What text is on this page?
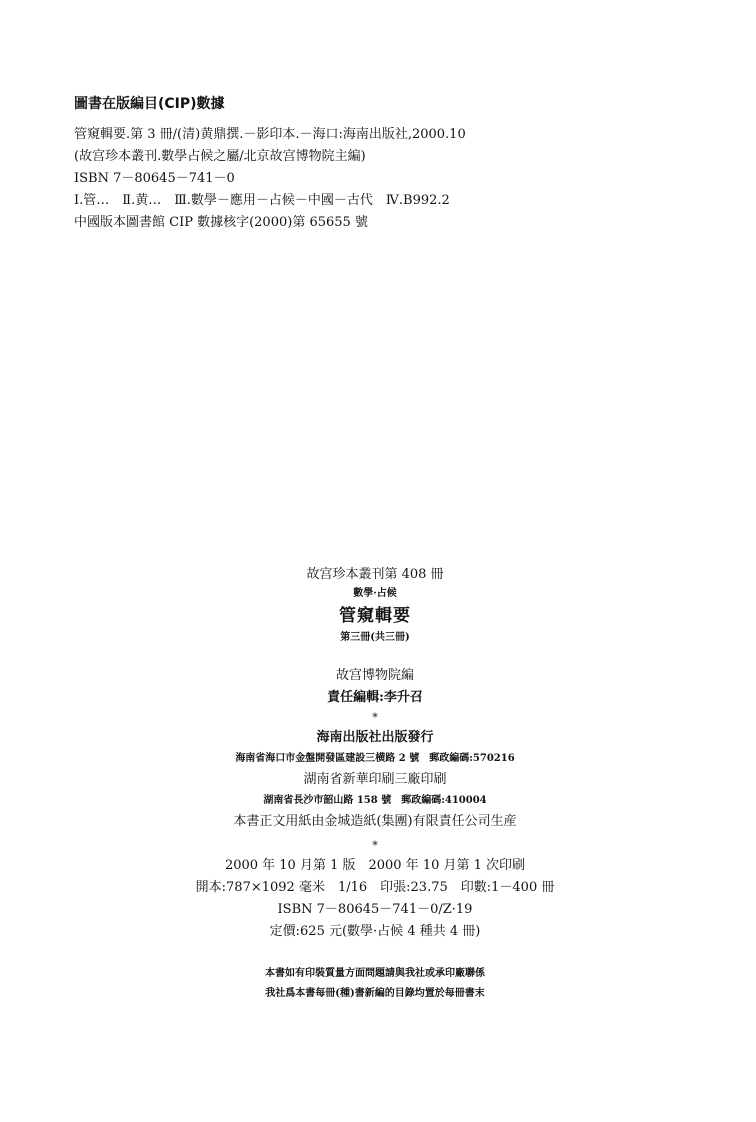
圖書在版編目(CIP)數據
管窺輯要.第 3 冊/(清)黄鼎撰.－影印本.－海口:海南出版社,2000.10
(故宫珍本叢刊.數學占候之屬/北京故宫博物院主編)
ISBN 7－80645－741－0
Ⅰ.管…　Ⅱ.黄…　Ⅲ.數學－應用－占候－中國－古代　Ⅳ.B992.2
中國版本圖書館 CIP 數據核字(2000)第 65655 號
故宫珍本叢刊第 408 冊
數學·占候
管窺輯要
第三冊(共三冊)
故宫博物院編
責任編輯:李升召
*
海南出版社出版發行
海南省海口市金盤開發區建設三横路 2 號　郵政編碼:570216
湖南省新華印刷三廠印刷
湖南省長沙市韶山路 158 號　郵政編碼:410004
本書正文用紙由金城造紙(集團)有限責任公司生産
*
2000 年 10 月第 1 版　2000 年 10 月第 1 次印刷
開本:787×1092 毫米　1/16　印張:23.75　印數:1－400 冊
ISBN 7－80645－741－0/Z·19
定價:625 元(數學·占候 4 種共 4 冊)
本書如有印裝質量方面問題請與我社或承印廠聯係
我社爲本書每冊(種)書新編的目錄均置於每冊書末
